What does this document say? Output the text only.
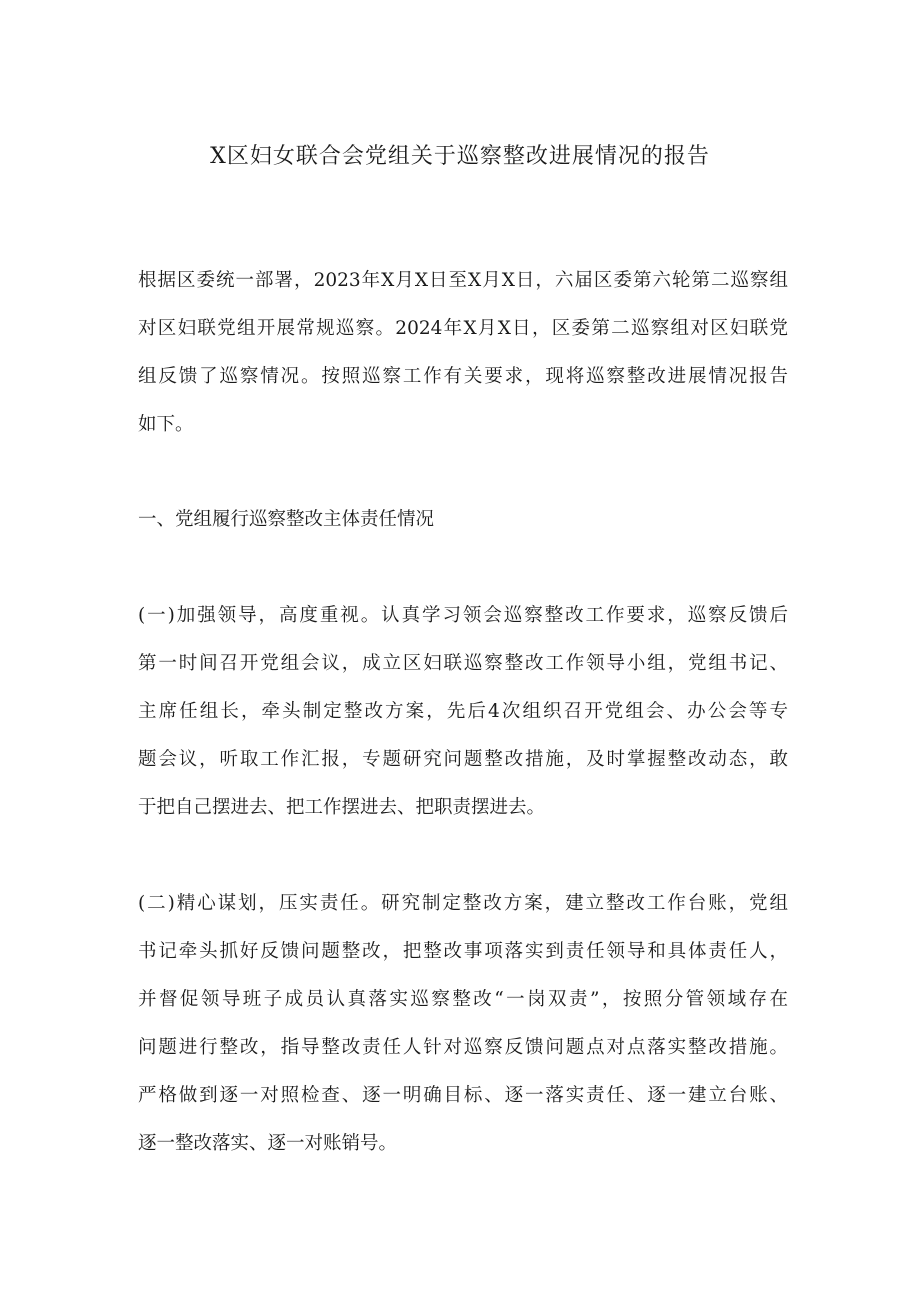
X区妇女联合会党组关于巡察整改进展情况的报告
根据区委统一部署，2023年X月X日至X月X日，六届区委第六轮第二巡察组
对区妇联党组开展常规巡察。2024年X月X日，区委第二巡察组对区妇联党
组反馈了巡察情况。按照巡察工作有关要求，现将巡察整改进展情况报告
如下。
一、党组履行巡察整改主体责任情况
(一)加强领导，高度重视。认真学习领会巡察整改工作要求，巡察反馈后
第一时间召开党组会议，成立区妇联巡察整改工作领导小组，党组书记、
主席任组长，牵头制定整改方案，先后4次组织召开党组会、办公会等专
题会议，听取工作汇报，专题研究问题整改措施，及时掌握整改动态，敢
于把自己摆进去、把工作摆进去、把职责摆进去。
(二)精心谋划，压实责任。研究制定整改方案，建立整改工作台账，党组
书记牵头抓好反馈问题整改，把整改事项落实到责任领导和具体责任人，
并督促领导班子成员认真落实巡察整改“一岗双责”，按照分管领域存在
问题进行整改，指导整改责任人针对巡察反馈问题点对点落实整改措施。
严格做到逐一对照检查、逐一明确目标、逐一落实责任、逐一建立台账、
逐一整改落实、逐一对账销号。
